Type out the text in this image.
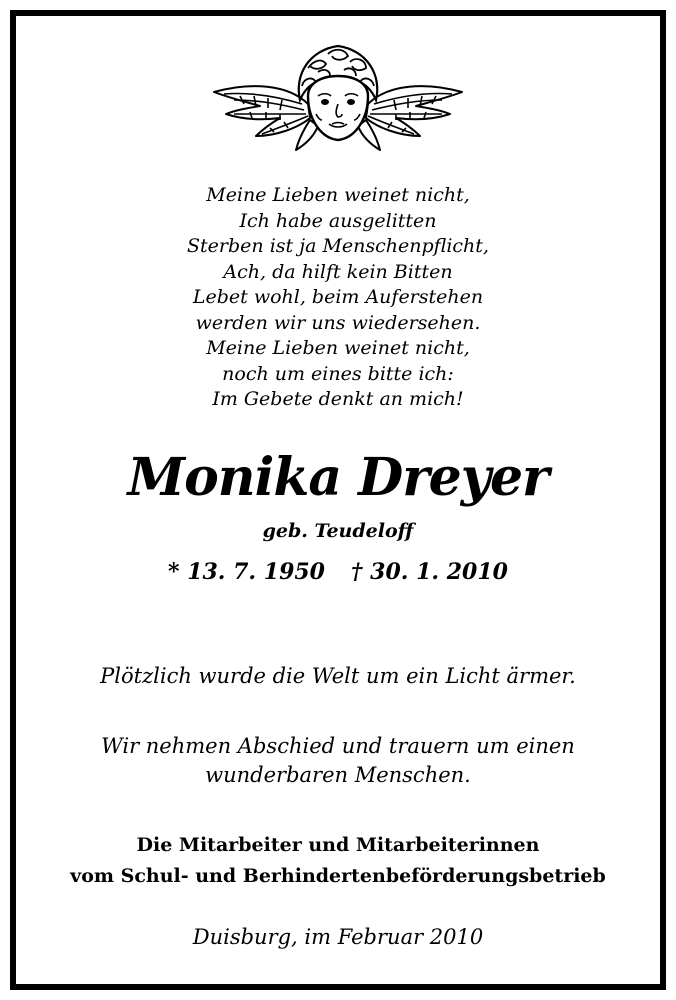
Meine Lieben weinet nicht,
Ich habe ausgelitten
Sterben ist ja Menschenpflicht,
Ach, da hilft kein Bitten
Lebet wohl, beim Auferstehen
werden wir uns wiedersehen.
Meine Lieben weinet nicht,
noch um eines bitte ich:
Im Gebete denkt an mich!
Monika Dreyer
geb. Teudeloff
* 13. 7. 1950 † 30. 1. 2010
Plötzlich wurde die Welt um ein Licht ärmer.
Wir nehmen Abschied und trauern um einen
wunderbaren Menschen.
Die Mitarbeiter und Mitarbeiterinnen
vom Schul- und Berhindertenbeförderungsbetrieb
Duisburg, im Februar 2010
